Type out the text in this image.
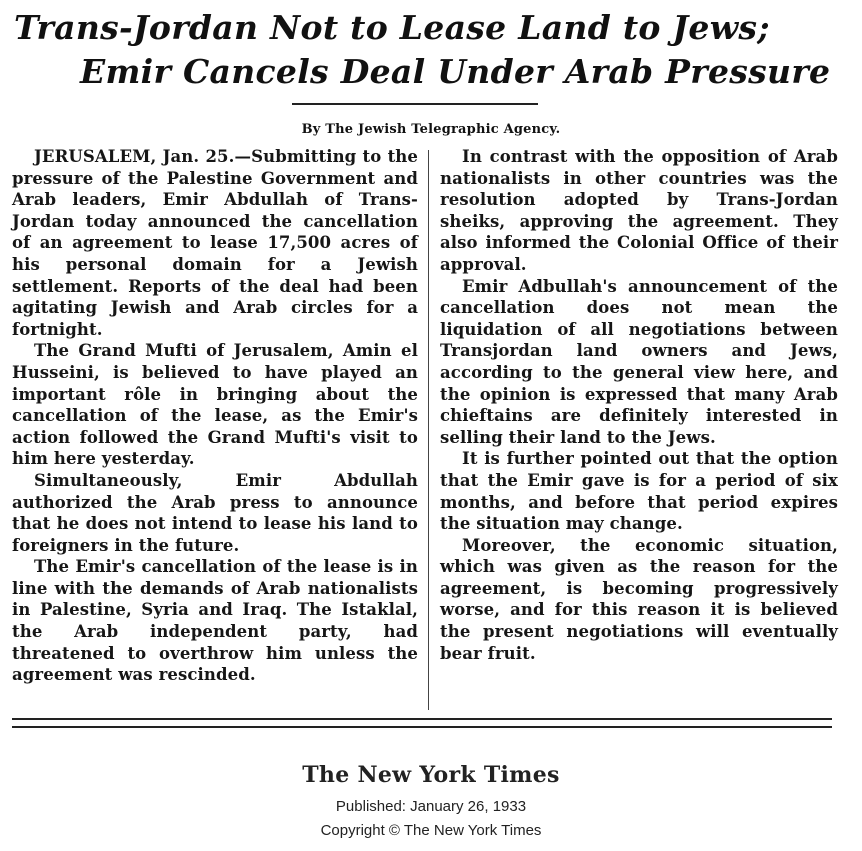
Trans-Jordan Not to Lease Land to Jews;
Emir Cancels Deal Under Arab Pressure
By The Jewish Telegraphic Agency.

JERUSALEM, Jan. 25.—Submitting to the pressure of the Palestine Government and Arab leaders, Emir Abdullah of Trans-Jordan today announced the cancellation of an agreement to lease 17,500 acres of his personal domain for a Jewish settlement. Reports of the deal had been agitating Jewish and Arab circles for a fortnight.

The Grand Mufti of Jerusalem, Amin el Husseini, is believed to have played an important rôle in bringing about the cancellation of the lease, as the Emir's action followed the Grand Mufti's visit to him here yesterday.

Simultaneously, Emir Abdullah authorized the Arab press to announce that he does not intend to lease his land to foreigners in the future.

The Emir's cancellation of the lease is in line with the demands of Arab nationalists in Palestine, Syria and Iraq. The Istaklal, the Arab independent party, had threatened to overthrow him unless the agreement was rescinded.

In contrast with the opposition of Arab nationalists in other countries was the resolution adopted by Trans-Jordan sheiks, approving the agreement. They also informed the Colonial Office of their approval.

Emir Adbullah's announcement of the cancellation does not mean the liquidation of all negotiations between Transjordan land owners and Jews, according to the general view here, and the opinion is expressed that many Arab chieftains are definitely interested in selling their land to the Jews.

It is further pointed out that the option that the Emir gave is for a period of six months, and before that period expires the situation may change.

Moreover, the economic situation, which was given as the reason for the agreement, is becoming progressively worse, and for this reason it is believed the present negotiations will eventually bear fruit.

The New York Times
Published: January 26, 1933
Copyright © The New York Times
